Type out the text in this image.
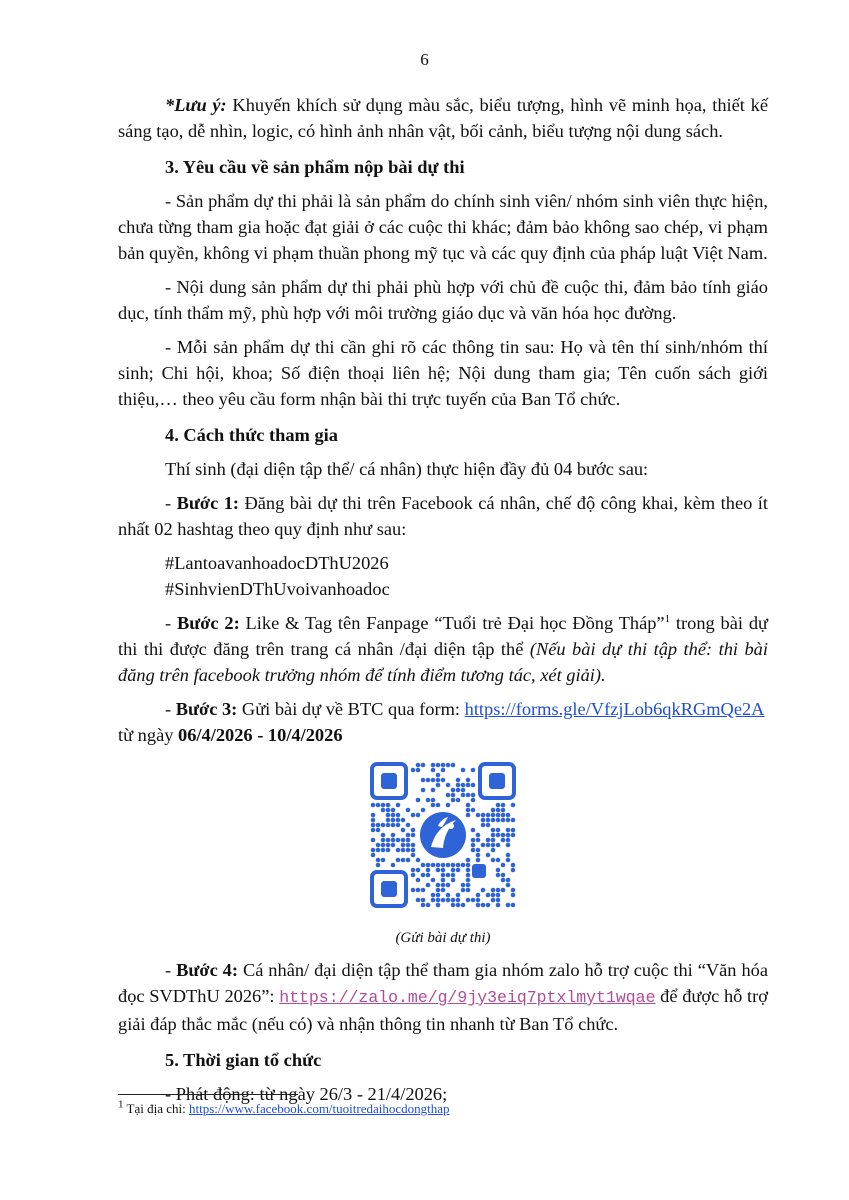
6

*Lưu ý: Khuyến khích sử dụng màu sắc, biểu tượng, hình vẽ minh họa, thiết kế sáng tạo, dễ nhìn, logic, có hình ảnh nhân vật, bối cảnh, biểu tượng nội dung sách.

3. Yêu cầu về sản phẩm nộp bài dự thi

- Sản phẩm dự thi phải là sản phẩm do chính sinh viên/ nhóm sinh viên thực hiện, chưa từng tham gia hoặc đạt giải ở các cuộc thi khác; đảm bảo không sao chép, vi phạm bản quyền, không vi phạm thuần phong mỹ tục và các quy định của pháp luật Việt Nam.

- Nội dung sản phẩm dự thi phải phù hợp với chủ đề cuộc thi, đảm bảo tính giáo dục, tính thẩm mỹ, phù hợp với môi trường giáo dục và văn hóa học đường.

- Mỗi sản phẩm dự thi cần ghi rõ các thông tin sau: Họ và tên thí sinh/nhóm thí sinh; Chi hội, khoa; Số điện thoại liên hệ; Nội dung tham gia; Tên cuốn sách giới thiệu,… theo yêu cầu form nhận bài thi trực tuyến của Ban Tổ chức.

4. Cách thức tham gia

Thí sinh (đại diện tập thể/ cá nhân) thực hiện đầy đủ 04 bước sau:

- Bước 1: Đăng bài dự thi trên Facebook cá nhân, chế độ công khai, kèm theo ít nhất 02 hashtag theo quy định như sau:

#LantoavanhoadocDThU2026

#SinhvienDThUvoivanhoadoc

- Bước 2: Like & Tag tên Fanpage “Tuổi trẻ Đại học Đồng Tháp”$^1$ trong bài dự thi thi được đăng trên trang cá nhân /đại diện tập thể (Nếu bài dự thi tập thể: thi bài đăng trên facebook trưởng nhóm để tính điểm tương tác, xét giải).

- Bước 3: Gửi bài dự về BTC qua form: https://forms.gle/VfzjLob6qkRGmQe2A

từ ngày 06/4/2026 - 10/4/2026

(Gửi bài dự thi)

- Bước 4: Cá nhân/ đại diện tập thể tham gia nhóm zalo hỗ trợ cuộc thi “Văn hóa đọc SVDThU 2026”: https://zalo.me/g/9jy3eiq7ptxlmyt1wqae để được hỗ trợ giải đáp thắc mắc (nếu có) và nhận thông tin nhanh từ Ban Tổ chức.

5. Thời gian tổ chức

- Phát động: từ ngày 26/3 - 21/4/2026;

$^1$ Tại địa chỉ: https://www.facebook.com/tuoitredaihocdongthap
